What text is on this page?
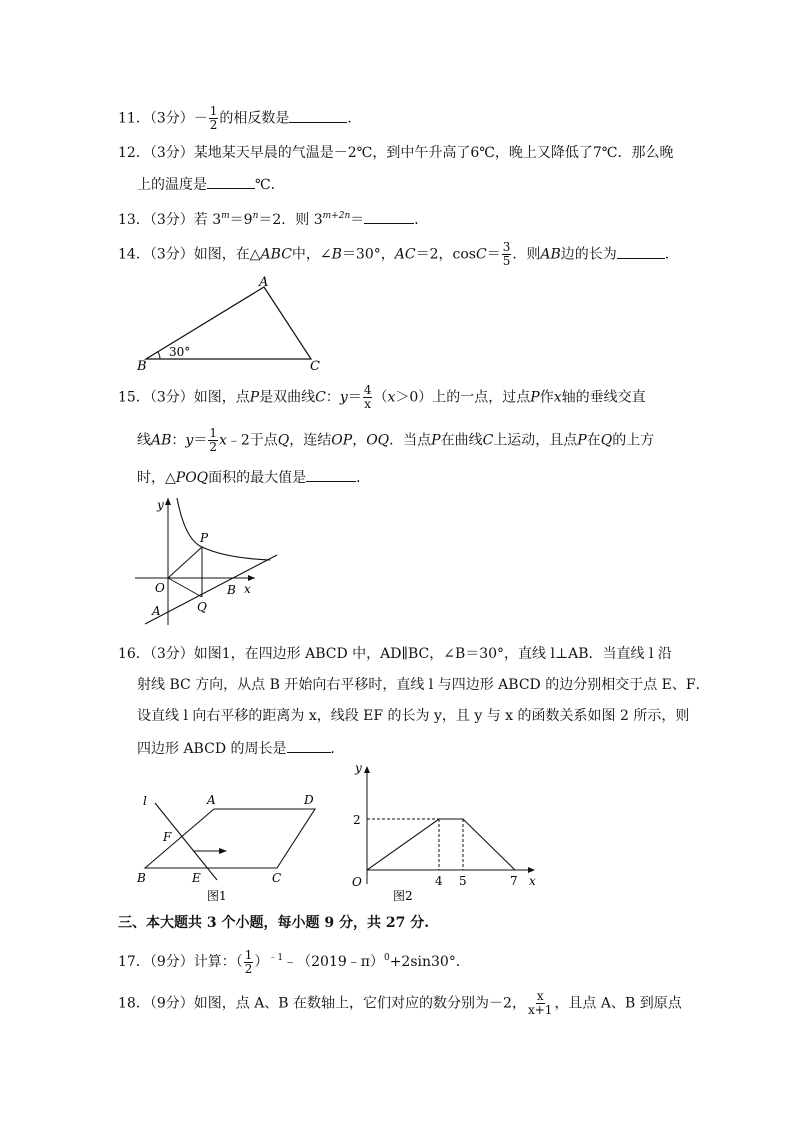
11．（3分）－ $\frac{1}{2}$ 的相反数是	．
12．（3分）某地某天早晨的气温是－2℃，到中午升高了6℃，晚上又降低了7℃．那么晚
上的温度是	℃．
13．（3分）若 $3^m=9^n=2$．则 $3^{m+2n}=$	．
14．（3分）如图，在△ABC中，∠B＝30°，AC＝2，$\cos C= \frac{3}{5}$ ．则AB边的长为	．
A
B	C
30°
15．（3分）如图，点P是双曲线C：$y= \frac{4}{x} (x>0)$上的一点，过点P作x轴的垂线交直
线AB：$y= \frac{1}{2}$ x﹣2于点Q，连结OP，OQ．当点P在曲线C上运动，且点P在Q的上方
时，△POQ面积的最大值是	．
y
x
O
P
Q
A
B
16．（3分）如图1，在四边形 ABCD 中，AD∥BC，∠B＝30°，直线 l⊥AB．当直线 l 沿
射线 BC 方向，从点 B 开始向右平移时，直线 l 与四边形 ABCD 的边分别相交于点 E、F．
设直线 l 向右平移的距离为 x，线段 EF 的长为 y，且 y 与 x 的函数关系如图 2 所示，则
四边形 ABCD 的周长是	．
l	A	D
F
B	E	C
图1
y
x
O
2
4 5	7
图2
三、本大题共 3 个小题，每小题 9 分，共 27 分.
17．（9分）计算：（ $\frac{1}{2}$ ）$^{﹣1}$﹣（2019﹣π）$^0$+2sin30°．
18．（9分）如图，点 A、B 在数轴上，它们对应的数分别为－2， $\frac{x}{x+1}$ ，且点 A、B 到原点
